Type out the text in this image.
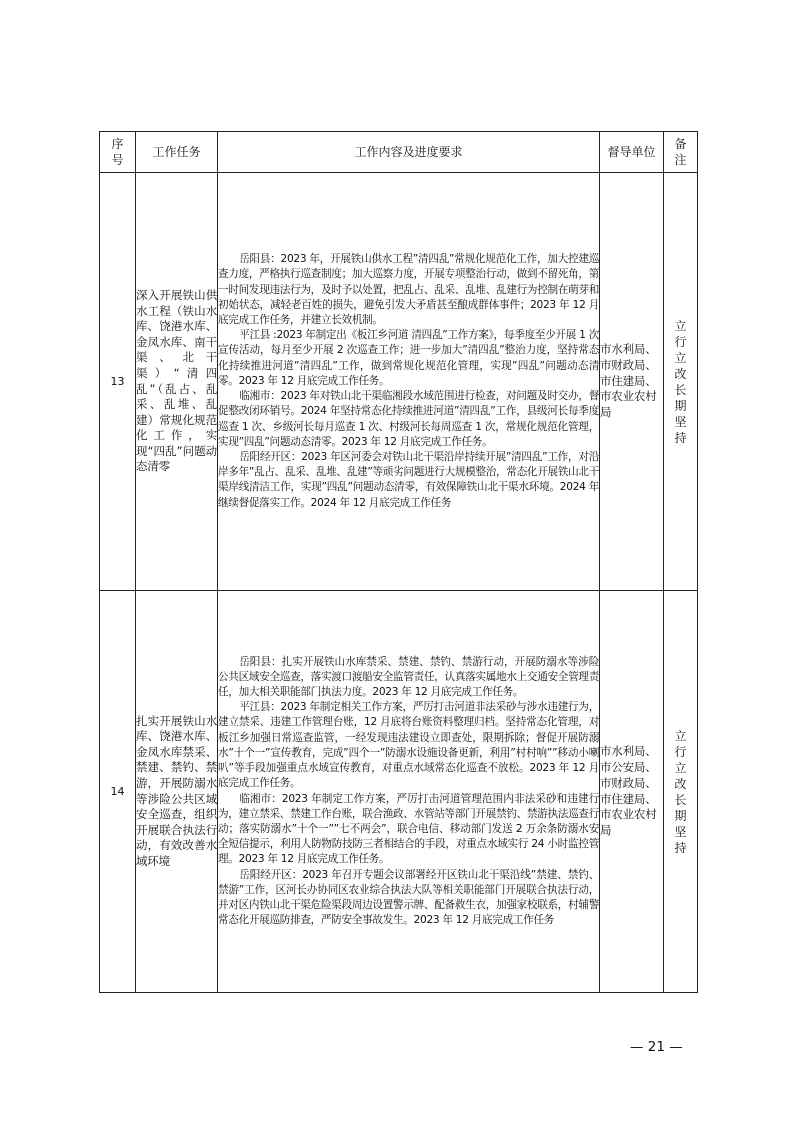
序号	工作任务	工作内容及进度要求	督导单位	备注
13	深入开展铁山供水工程（铁山水库、饶港水库、金凤水库、南干渠、北干渠）“清四乱”（乱占、乱采、乱堆、乱建）常规化规范化工作，实现“四乱”问题动态清零	岳阳县：2023 年，开展铁山供水工程”清四乱”常规化规范化工作，加大控建巡查力度，严格执行巡查制度；加大巡察力度，开展专项整治行动，做到不留死角，第一时间发现违法行为，及时予以处置，把乱占、乱采、乱堆、乱建行为控制在萌芽和初始状态，减轻老百姓的损失，避免引发大矛盾甚至酿成群体事件；2023 年 12 月底完成工作任务，并建立长效机制。

平江县 :2023 年制定出《板江乡河道 清四乱”工作方案》，每季度至少开展 1 次宣传活动，每月至少开展 2 次巡查工作；进一步加大”清四乱”整治力度，坚持常态化持续推进河道”清四乱”工作，做到常规化规范化管理，实现”四乱”问题动态清零。2023 年 12 月底完成工作任务。

临湘市：2023 年对铁山北干渠临湘段水域范围进行检查，对问题及时交办，督促整改闭环销号。2024 年坚持常态化持续推进河道”清四乱”工作，县级河长每季度巡查 1 次、乡级河长每月巡查 1 次、村级河长每周巡查 1 次，常规化规范化管理，实现”四乱”问题动态清零。2023 年 12 月底完成工作任务。

岳阳经开区：2023 年区河委会对铁山北干渠沿岸持续开展”清四乱”工作，对沿岸多年”乱占、乱采、乱堆、乱建”等顽劣问题进行大规模整治，常态化开展铁山北干渠岸线清洁工作，实现”四乱”问题动态清零，有效保障铁山北干渠水环境。2024 年继续督促落实工作。2024 年 12 月底完成工作任务	市水利局、市财政局、市住建局、市农业农村局	立行立改长期坚持
14	扎实开展铁山水库、饶港水库、金凤水库禁采、禁建、禁钓、禁游，开展防溺水等涉险公共区域安全巡查，组织开展联合执法行动，有效改善水域环境	岳阳县：扎实开展铁山水库禁采、禁建、禁钓、禁游行动，开展防溺水等涉险公共区域安全巡查，落实渡口渡船安全监管责任，认真落实属地水上交通安全管理责任，加大相关职能部门执法力度。2023 年 12 月底完成工作任务。

平江县：2023 年制定相关工作方案，严厉打击河道非法采砂与涉水违建行为，建立禁采、违建工作管理台账，12 月底将台账资料整理归档。坚持常态化管理，对板江乡加强日常巡查监管，一经发现违法建设立即查处，限期拆除；督促开展防溺水”十个一”宣传教育，完成”四个一”防溺水设施设备更新，利用”村村响””移动小喇叭”等手段加强重点水域宣传教育，对重点水域常态化巡查不放松。2023 年 12 月底完成工作任务。

临湘市：2023 年制定工作方案，严厉打击河道管理范围内非法采砂和违建行为，建立禁采、禁建工作台账，联合渔政、水管站等部门开展禁钓、禁游执法巡查行动；落实防溺水”十个一””七不两会”，联合电信、移动部门发送 2 万余条防溺水安全短信提示，利用人防物防技防三者相结合的手段，对重点水域实行 24 小时监控管理。2023 年 12 月底完成工作任务。

岳阳经开区：2023 年召开专题会议部署经开区铁山北干渠沿线”禁建、禁钓、禁游”工作，区河长办协同区农业综合执法大队等相关职能部门开展联合执法行动，并对区内铁山北干渠危险渠段周边设置警示牌、配备救生衣，加强家校联系，村辅警常态化开展巡防排查，严防安全事故发生。2023 年 12 月底完成工作任务	市水利局、市公安局、市财政局、市住建局、市农业农村局	立行立改长期坚持
— 21 —
